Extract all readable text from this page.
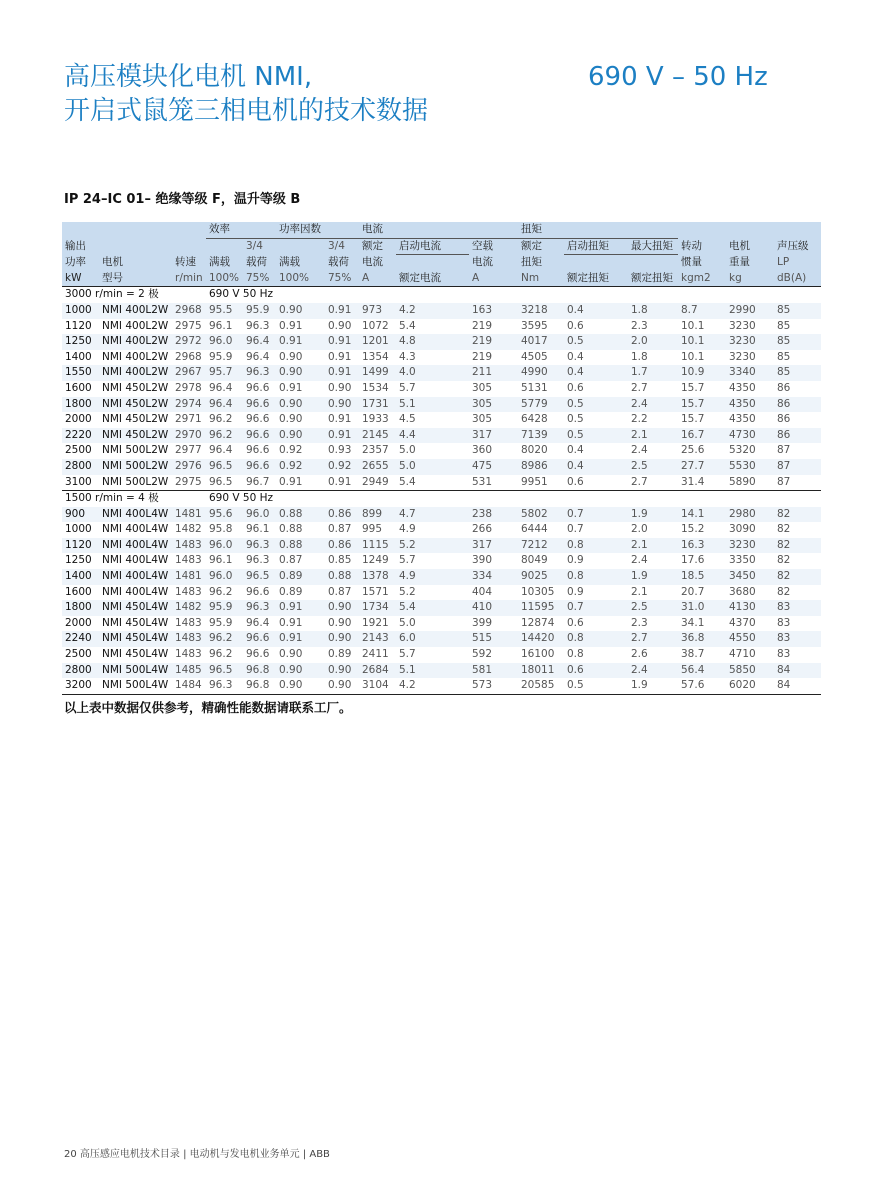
高压模块化电机 NMI,
开启式鼠笼三相电机的技术数据
690 V – 50 Hz
IP 24–IC 01– 绝缘等级 F，温升等级 B
			效率		功率因数		电流			扭矩					
输出				3/4		3/4	额定	启动电流	空载	额定	启动扭矩	最大扭矩	转动	电机	声压级
功率	电机	转速	满载	载荷	满载	载荷	电流		电流	扭矩			惯量	重量	LP
kW	型号	r/min	100%	75%	100%	75%	A	额定电流	A	Nm	额定扭矩	额定扭矩	kgm2	kg	dB(A)
3000 r/min = 2 极			690 V 50 Hz												
1000	NMI 400L2W	2968	95.5	95.9	0.90	0.91	973	4.2	163	3218	0.4	1.8	8.7	2990	85
1120	NMI 400L2W	2975	96.1	96.3	0.91	0.90	1072	5.4	219	3595	0.6	2.3	10.1	3230	85
1250	NMI 400L2W	2972	96.0	96.4	0.91	0.91	1201	4.8	219	4017	0.5	2.0	10.1	3230	85
1400	NMI 400L2W	2968	95.9	96.4	0.90	0.91	1354	4.3	219	4505	0.4	1.8	10.1	3230	85
1550	NMI 400L2W	2967	95.7	96.3	0.90	0.91	1499	4.0	211	4990	0.4	1.7	10.9	3340	85
1600	NMI 450L2W	2978	96.4	96.6	0.91	0.90	1534	5.7	305	5131	0.6	2.7	15.7	4350	86
1800	NMI 450L2W	2974	96.4	96.6	0.90	0.90	1731	5.1	305	5779	0.5	2.4	15.7	4350	86
2000	NMI 450L2W	2971	96.2	96.6	0.90	0.91	1933	4.5	305	6428	0.5	2.2	15.7	4350	86
2220	NMI 450L2W	2970	96.2	96.6	0.90	0.91	2145	4.4	317	7139	0.5	2.1	16.7	4730	86
2500	NMI 500L2W	2977	96.4	96.6	0.92	0.93	2357	5.0	360	8020	0.4	2.4	25.6	5320	87
2800	NMI 500L2W	2976	96.5	96.6	0.92	0.92	2655	5.0	475	8986	0.4	2.5	27.7	5530	87
3100	NMI 500L2W	2975	96.5	96.7	0.91	0.91	2949	5.4	531	9951	0.6	2.7	31.4	5890	87
1500 r/min = 4 极			690 V 50 Hz												
900	NMI 400L4W	1481	95.6	96.0	0.88	0.86	899	4.7	238	5802	0.7	1.9	14.1	2980	82
1000	NMI 400L4W	1482	95.8	96.1	0.88	0.87	995	4.9	266	6444	0.7	2.0	15.2	3090	82
1120	NMI 400L4W	1483	96.0	96.3	0.88	0.86	1115	5.2	317	7212	0.8	2.1	16.3	3230	82
1250	NMI 400L4W	1483	96.1	96.3	0.87	0.85	1249	5.7	390	8049	0.9	2.4	17.6	3350	82
1400	NMI 400L4W	1481	96.0	96.5	0.89	0.88	1378	4.9	334	9025	0.8	1.9	18.5	3450	82
1600	NMI 400L4W	1483	96.2	96.6	0.89	0.87	1571	5.2	404	10305	0.9	2.1	20.7	3680	82
1800	NMI 450L4W	1482	95.9	96.3	0.91	0.90	1734	5.4	410	11595	0.7	2.5	31.0	4130	83
2000	NMI 450L4W	1483	95.9	96.4	0.91	0.90	1921	5.0	399	12874	0.6	2.3	34.1	4370	83
2240	NMI 450L4W	1483	96.2	96.6	0.91	0.90	2143	6.0	515	14420	0.8	2.7	36.8	4550	83
2500	NMI 450L4W	1483	96.2	96.6	0.90	0.89	2411	5.7	592	16100	0.8	2.6	38.7	4710	83
2800	NMI 500L4W	1485	96.5	96.8	0.90	0.90	2684	5.1	581	18011	0.6	2.4	56.4	5850	84
3200	NMI 500L4W	1484	96.3	96.8	0.90	0.90	3104	4.2	573	20585	0.5	1.9	57.6	6020	84
以上表中数据仅供参考，精确性能数据请联系工厂。
20 高压感应电机技术目录 | 电动机与发电机业务单元 | ABB
